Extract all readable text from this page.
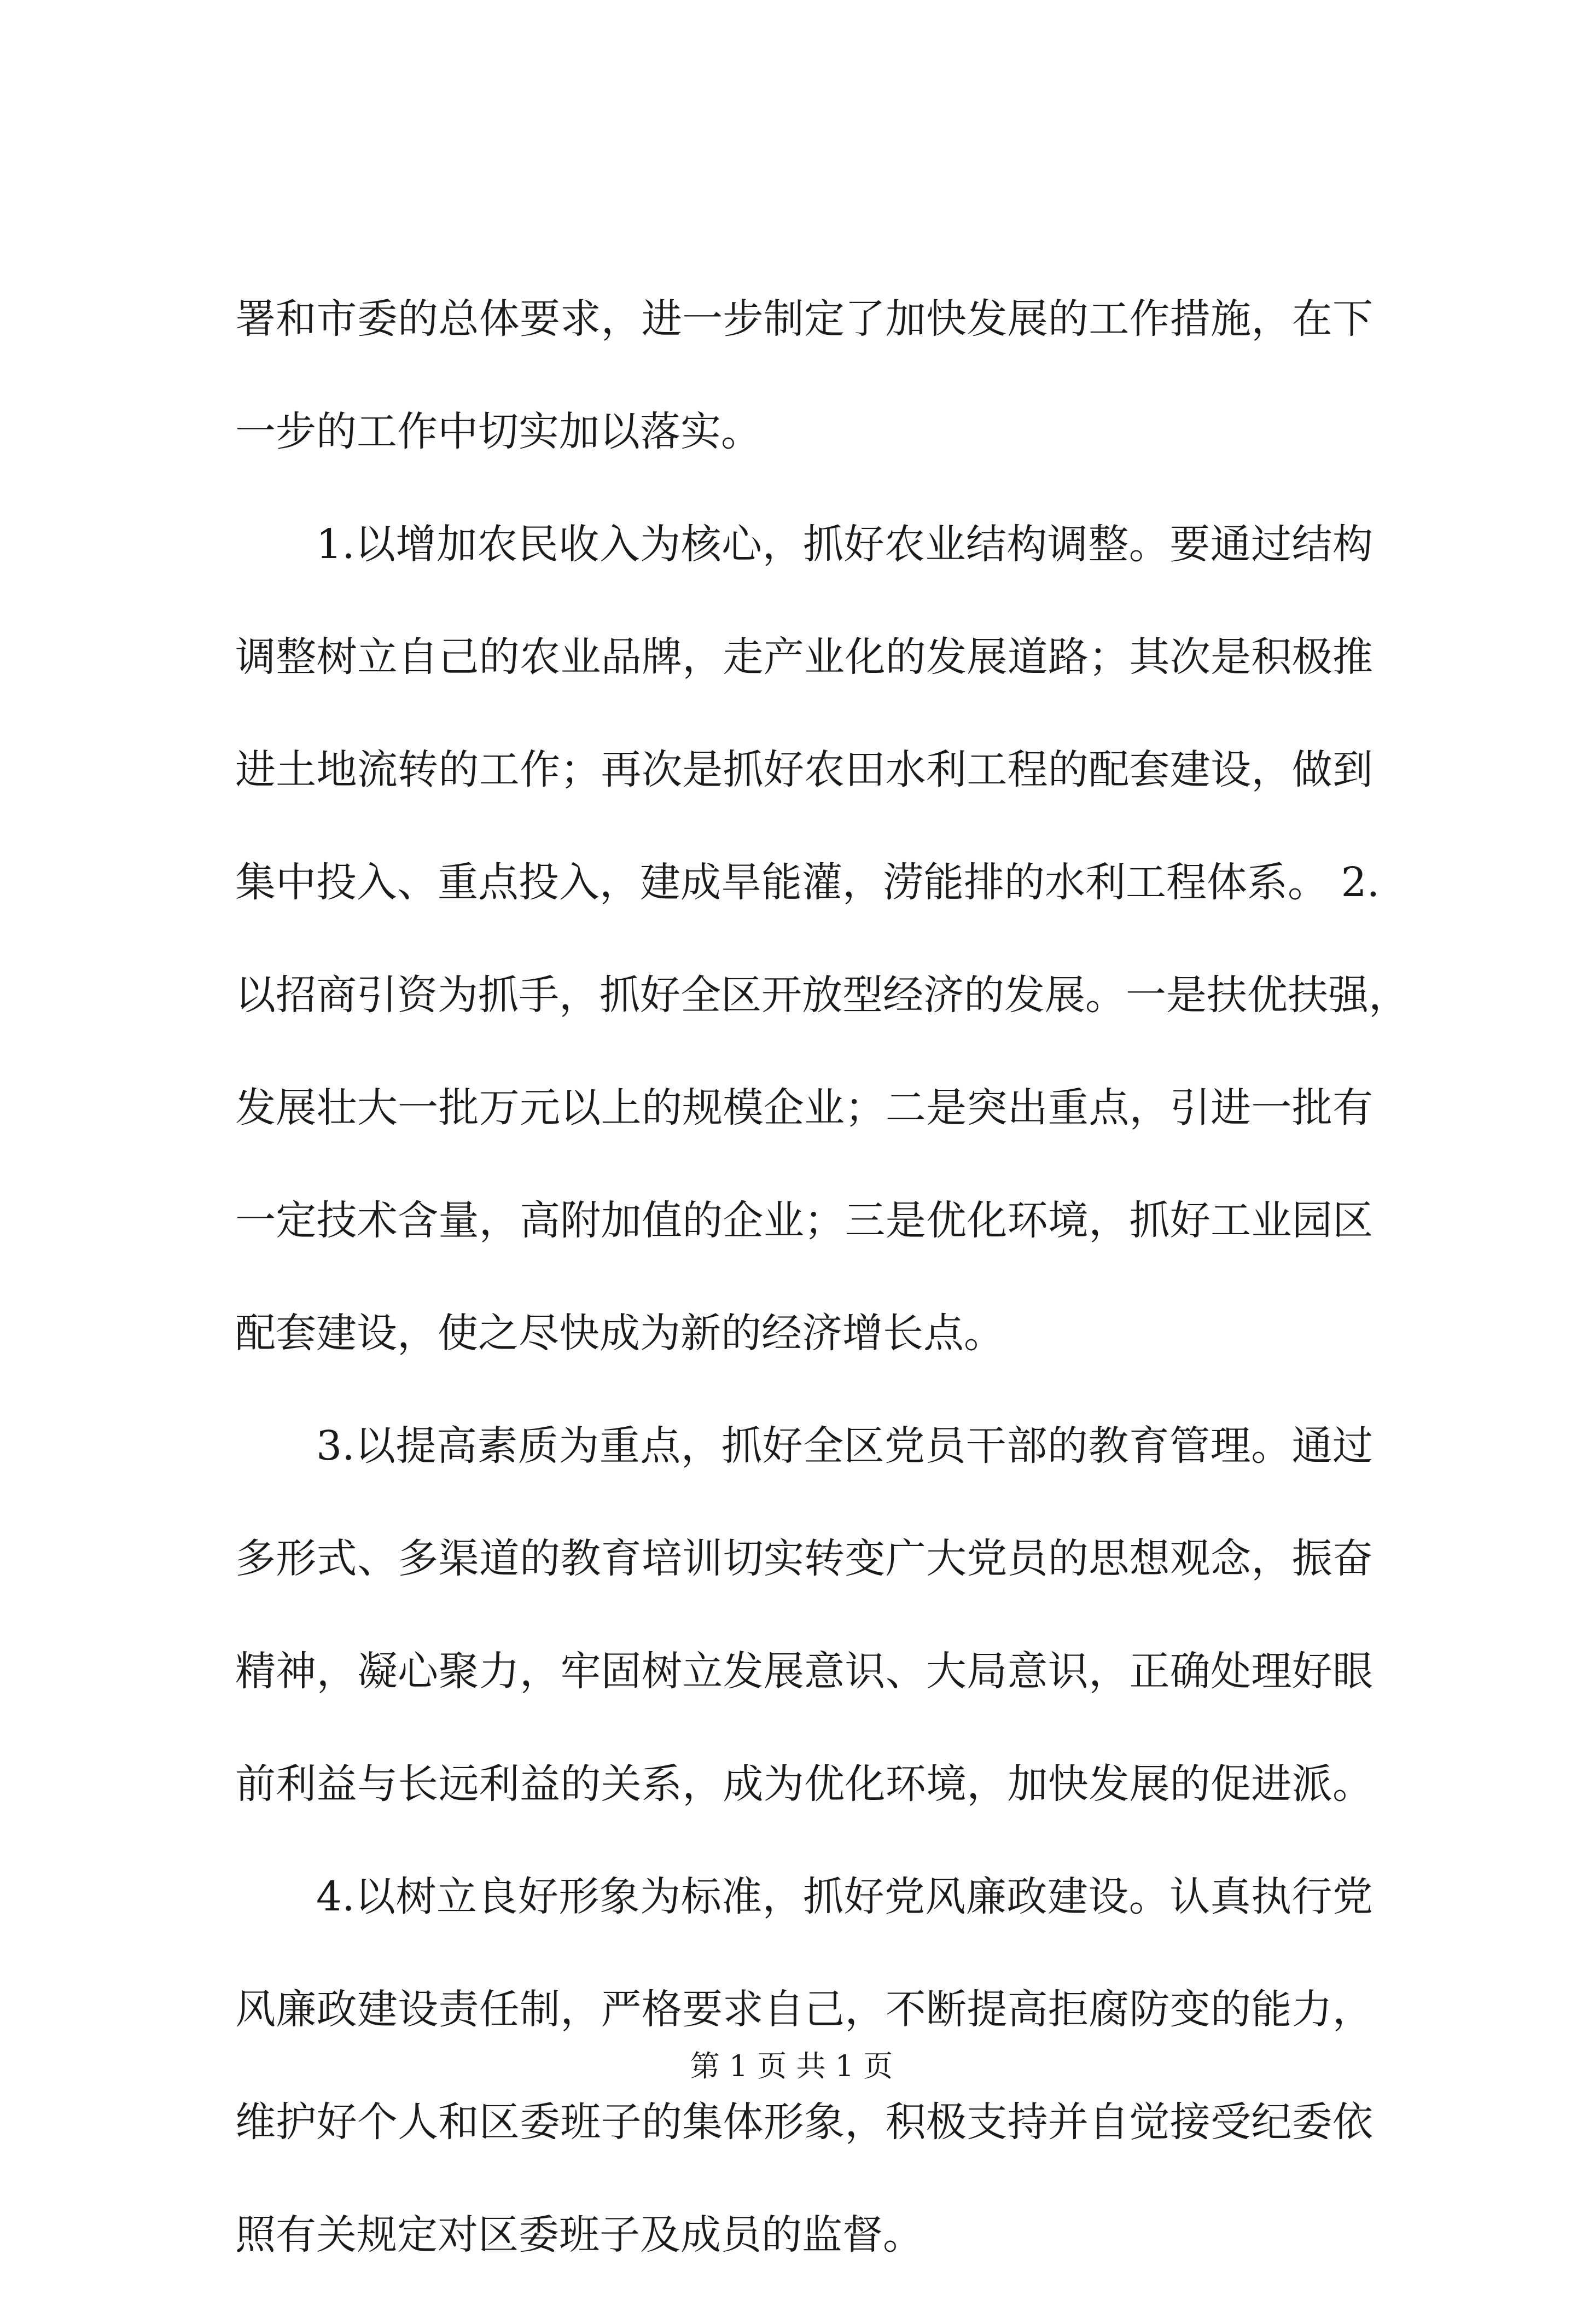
署和市委的总体要求，进一步制定了加快发展的工作措施，在下
一步的工作中切实加以落实。
1.以增加农民收入为核心，抓好农业结构调整。要通过结构
调整树立自己的农业品牌，走产业化的发展道路；其次是积极推
进土地流转的工作；再次是抓好农田水利工程的配套建设，做到
集中投入、重点投入，建成旱能灌，涝能排的水利工程体系。 2.
以招商引资为抓手，抓好全区开放型经济的发展。一是扶优扶强，
发展壮大一批万元以上的规模企业；二是突出重点，引进一批有
一定技术含量，高附加值的企业；三是优化环境，抓好工业园区
配套建设，使之尽快成为新的经济增长点。
3.以提高素质为重点，抓好全区党员干部的教育管理。通过
多形式、多渠道的教育培训切实转变广大党员的思想观念，振奋
精神，凝心聚力，牢固树立发展意识、大局意识，正确处理好眼
前利益与长远利益的关系，成为优化环境，加快发展的促进派。
4.以树立良好形象为标准，抓好党风廉政建设。认真执行党
风廉政建设责任制，严格要求自己，不断提高拒腐防变的能力，
维护好个人和区委班子的集体形象，积极支持并自觉接受纪委依
照有关规定对区委班子及成员的监督。
第 1 页 共 1 页
